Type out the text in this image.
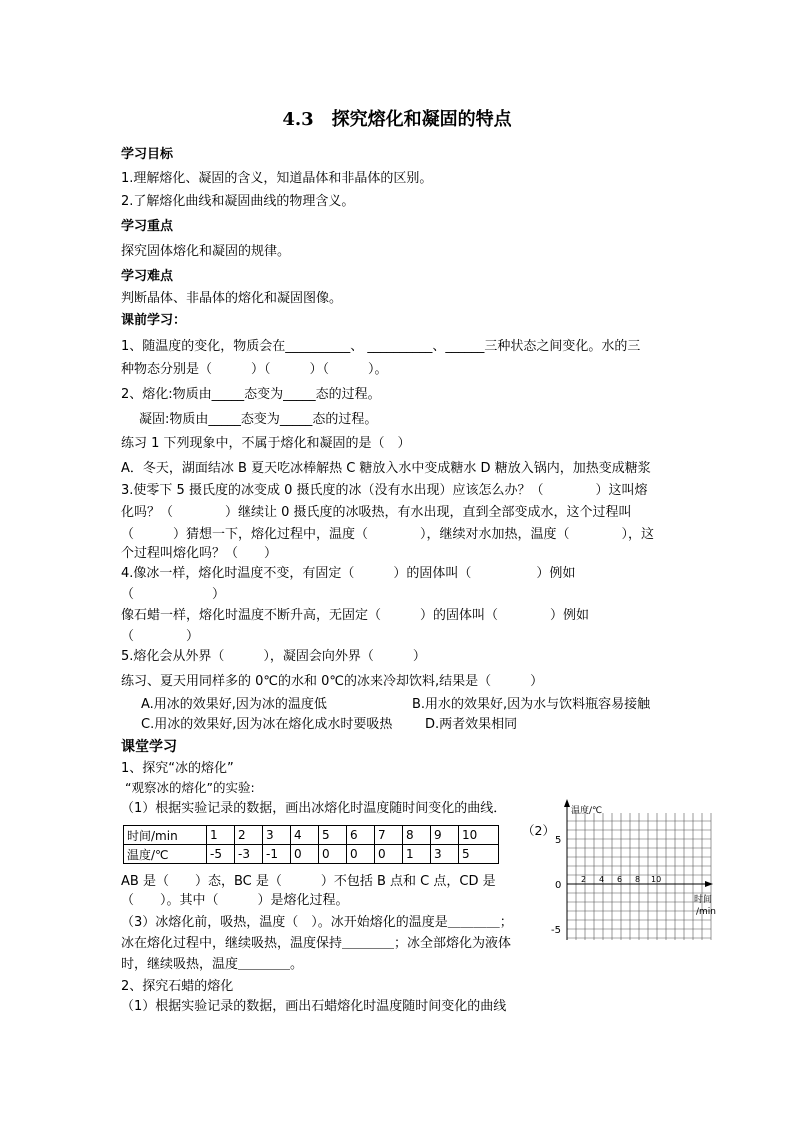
4.3　探究熔化和凝固的特点
学习目标
1.理解熔化、凝固的含义，知道晶体和非晶体的区别。
2.了解熔化曲线和凝固曲线的物理含义。
学习重点
探究固体熔化和凝固的规律。
学习难点
判断晶体、非晶体的熔化和凝固图像。
课前学习：
1、随温度的变化，物质会在__________、 __________、______三种状态之间变化。水的三
种物态分别是（　　　）（　　　）（　　　）。
2、熔化:物质由_____态变为_____态的过程。
凝固:物质由_____态变为_____态的过程。
练习 1 下列现象中，不属于熔化和凝固的是（　）
A．冬天，湖面结冰 B 夏天吃冰棒解热 C 糖放入水中变成糖水 D 糖放入锅内，加热变成糖浆
3.使零下 5 摄氏度的冰变成 0 摄氏度的冰（没有水出现）应该怎么办？（　　　　）这叫熔
化吗？（　　　　）继续让 0 摄氏度的冰吸热，有水出现，直到全部变成水，这个过程叫
（　　　）猜想一下，熔化过程中，温度（　　　　），继续对水加热，温度（　　　　），这
个过程叫熔化吗？（　　）
4.像冰一样，熔化时温度不变，有固定（　　　）的固体叫（　　　　　）例如
（　　　　　　）
像石蜡一样，熔化时温度不断升高，无固定（　　　）的固体叫（　　　　）例如
（　　　　）
5.熔化会从外界（　　　），凝固会向外界（　　　）
练习、夏天用同样多的 0℃的水和 0℃的冰来冷却饮料,结果是（　　　）
A.用冰的效果好,因为冰的温度低	B.用水的效果好,因为水与饮料瓶容易接触
C.用冰的效果好,因为冰在熔化成水时要吸热	D.两者效果相同
课堂学习
1、探究“冰的熔化”
“观察冰的熔化”的实验:
（1）根据实验记录的数据，画出冰熔化时温度随时间变化的曲线．
（2）
时间/min	1	2	3	4	5	6	7	8	9	10
温度/℃	-5	-3	-1	0	0	0	0	1	3	5
AB 是（　　）态，BC 是（　　　）不包括 B 点和 C 点，CD 是
（　　）。其中（　　　）是熔化过程。
（3）冰熔化前，吸热，温度（　）。冰开始熔化的温度是＿＿＿＿；
冰在熔化过程中，继续吸热，温度保持＿＿＿＿；冰全部熔化为液体
时，继续吸热，温度＿＿＿＿。
2、探究石蜡的熔化
（1）根据实验记录的数据，画出石蜡熔化时温度随时间变化的曲线
温度/℃
时间
/min
5
0
-5
2 4 6 8 10
